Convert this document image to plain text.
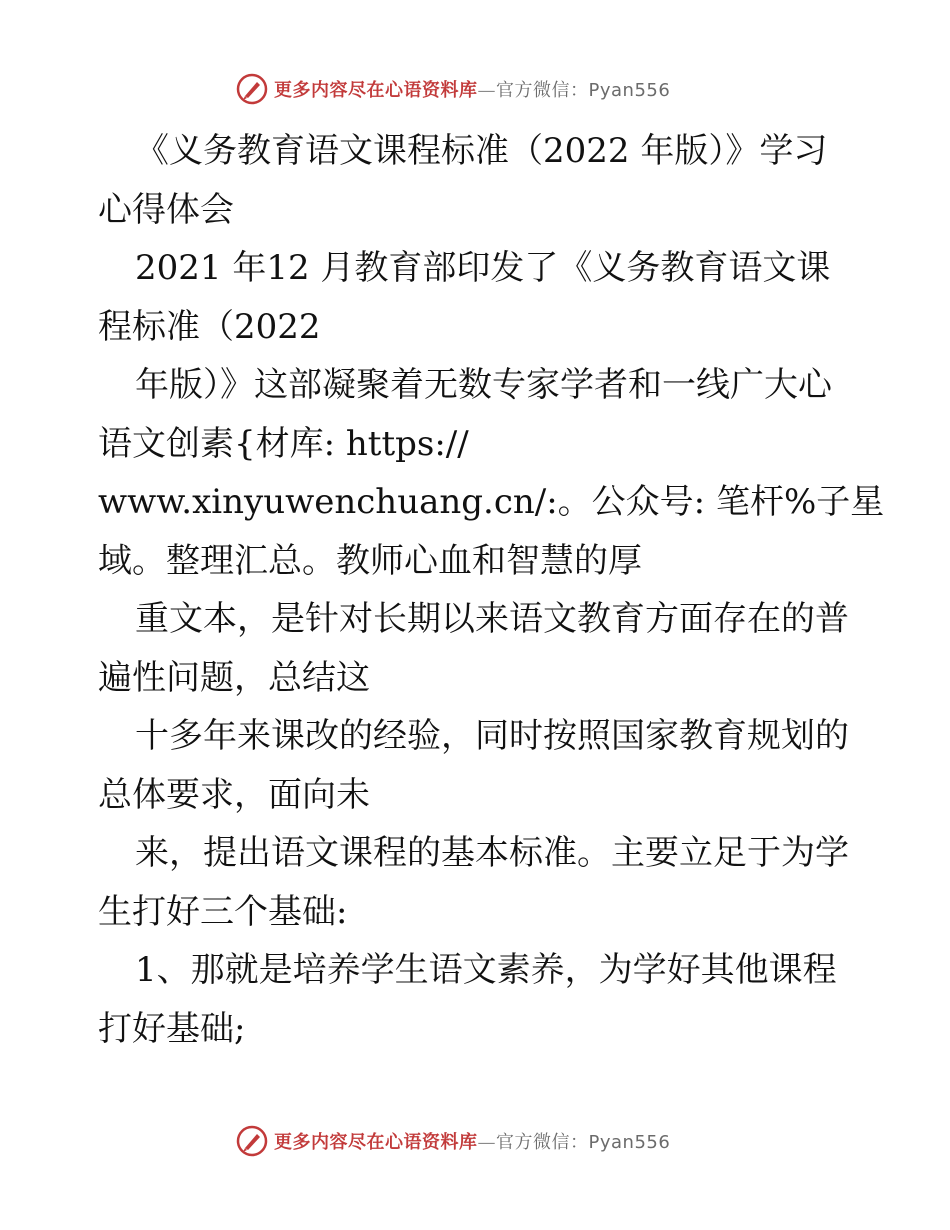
更多内容尽在心语资料库—官方微信：Pyan556
《义务教育语文课程标准（2022 年版）》学习
心得体会
2021 年12 月教育部印发了《义务教育语文课
程标准（2022
年版）》这部凝聚着无数专家学者和一线广大心
语文创素{材库: https://
www.xinyuwenchuang.cn/:。公众号: 笔杆%子星
域。整理汇总。教师心血和智慧的厚
重文本，是针对长期以来语文教育方面存在的普
遍性问题，总结这
十多年来课改的经验，同时按照国家教育规划的
总体要求，面向未
来，提出语文课程的基本标准。主要立足于为学
生打好三个基础:
1、那就是培养学生语文素养，为学好其他课程
打好基础;
更多内容尽在心语资料库—官方微信：Pyan556
